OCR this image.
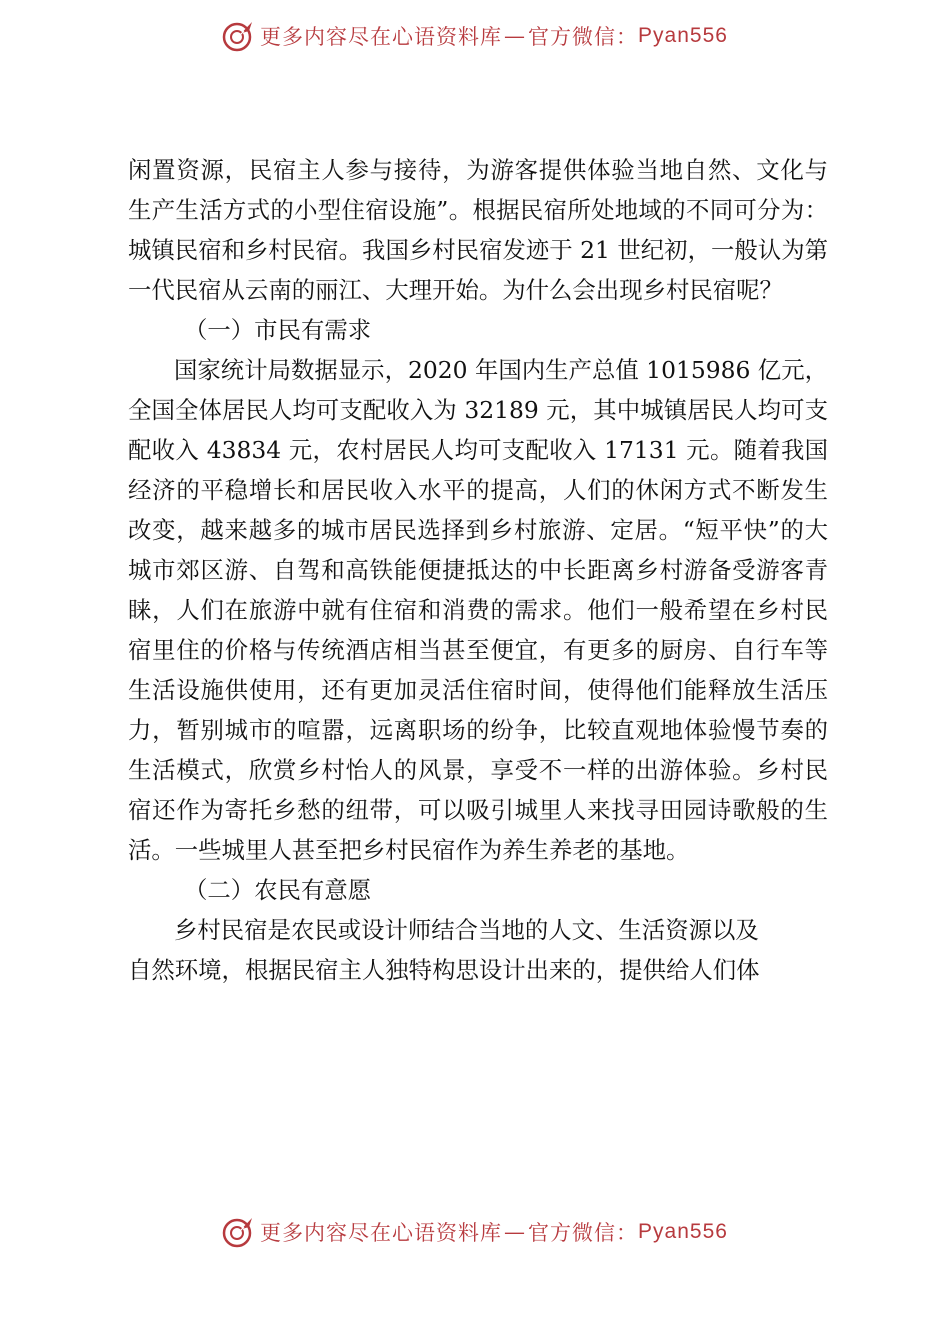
更多内容尽在心语资料库 — 官方微信： Pyan556

闲置资源，民宿主人参与接待，为游客提供体验当地自然、文化与生产生活方式的小型住宿设施”。根据民宿所处地域的不同可分为：城镇民宿和乡村民宿。我国乡村民宿发迹于 21 世纪初，一般认为第一代民宿从云南的丽江、大理开始。为什么会出现乡村民宿呢？

（一）市民有需求

国家统计局数据显示，2020 年国内生产总值 1015986 亿元，全国全体居民人均可支配收入为 32189 元，其中城镇居民人均可支配收入 43834 元，农村居民人均可支配收入 17131 元。随着我国经济的平稳增长和居民收入水平的提高，人们的休闲方式不断发生改变，越来越多的城市居民选择到乡村旅游、定居。“短平快”的大城市郊区游、自驾和高铁能便捷抵达的中长距离乡村游备受游客青睐，人们在旅游中就有住宿和消费的需求。他们一般希望在乡村民宿里住的价格与传统酒店相当甚至便宜，有更多的厨房、自行车等生活设施供使用，还有更加灵活住宿时间，使得他们能释放生活压力，暂别城市的喧嚣，远离职场的纷争，比较直观地体验慢节奏的生活模式，欣赏乡村怡人的风景，享受不一样的出游体验。乡村民宿还作为寄托乡愁的纽带，可以吸引城里人来找寻田园诗歌般的生活。一些城里人甚至把乡村民宿作为养生养老的基地。

（二）农民有意愿

乡村民宿是农民或设计师结合当地的人文、生活资源以及

自然环境，根据民宿主人独特构思设计出来的，提供给人们体

更多内容尽在心语资料库 — 官方微信： Pyan556
